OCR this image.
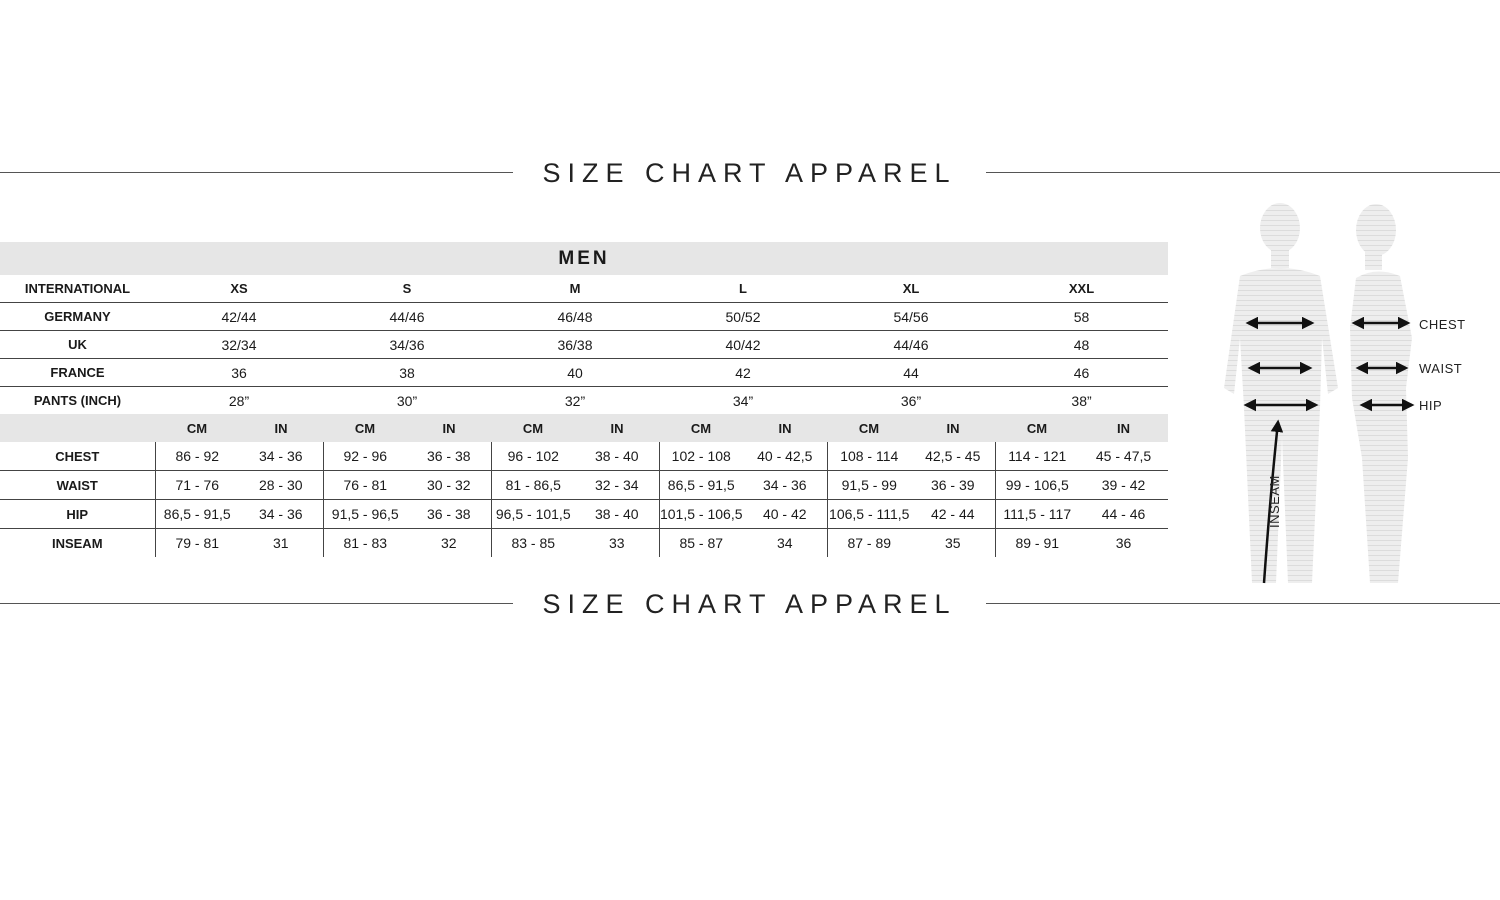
SIZE CHART APPAREL
MEN												
INTERNATIONAL	XS		S		M		L		XL		XXL	
GERMANY	42/44		44/46		46/48		50/52		54/56		58	
UK	32/34		34/36		36/38		40/42		44/46		48	
FRANCE	36		38		40		42		44		46	
PANTS (INCH)	28”		30”		32”		34”		36”		38”	
	CM	IN	CM	IN	CM	IN	CM	IN	CM	IN	CM	IN
CHEST	86 - 92	34 - 36	92 - 96	36 - 38	96 - 102	38 - 40	102 - 108	40 - 42,5	108 - 114	42,5 - 45	114 - 121	45 - 47,5
WAIST	71 - 76	28 - 30	76 - 81	30 - 32	81 - 86,5	32 - 34	86,5 - 91,5	34 - 36	91,5 - 99	36 - 39	99 - 106,5	39 - 42
HIP	86,5 - 91,5	34 - 36	91,5 - 96,5	36 - 38	96,5 - 101,5	38 - 40	101,5 - 106,5	40 - 42	106,5 - 111,5	42 - 44	111,5 - 117	44 - 46
INSEAM	79 - 81	31	81 - 83	32	83 - 85	33	85 - 87	34	87 - 89	35	89 - 91	36
CHEST
WAIST
HIP
INSEAM
SIZE CHART APPAREL
